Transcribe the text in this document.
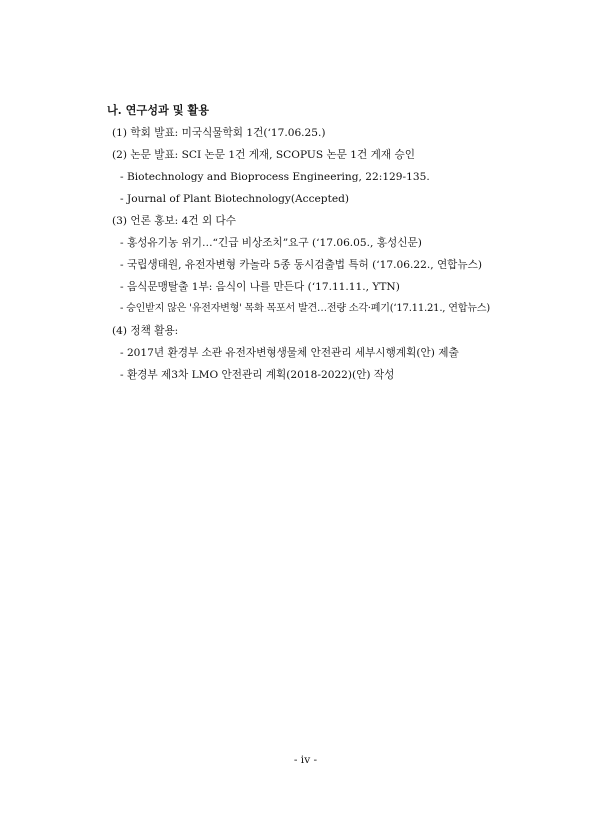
나. 연구성과 및 활용
(1) 학회 발표: 미국식물학회 1건(‘17.06.25.)
(2) 논문 발표: SCI 논문 1건 게재, SCOPUS 논문 1건 게재 승인
- Biotechnology and Bioprocess Engineering, 22:129-135.
- Journal of Plant Biotechnology(Accepted)
(3) 언론 홍보: 4건 외 다수
- 홍성유기농 위기…“긴급 비상조치”요구 (‘17.06.05., 홍성신문)
- 국립생태원, 유전자변형 카놀라 5종 동시검출법 특허 (‘17.06.22., 연합뉴스)
- 음식문맹탈출 1부: 음식이 나를 만든다 (‘17.11.11., YTN)
- 승인받지 않은 '유전자변형' 목화 목포서 발견…전량 소각·폐기(‘17.11.21., 연합뉴스)
(4) 정책 활용:
- 2017년 환경부 소관 유전자변형생물체 안전관리 세부시행계획(안) 제출
- 환경부 제3차 LMO 안전관리 계획(2018-2022)(안) 작성
- iv -
